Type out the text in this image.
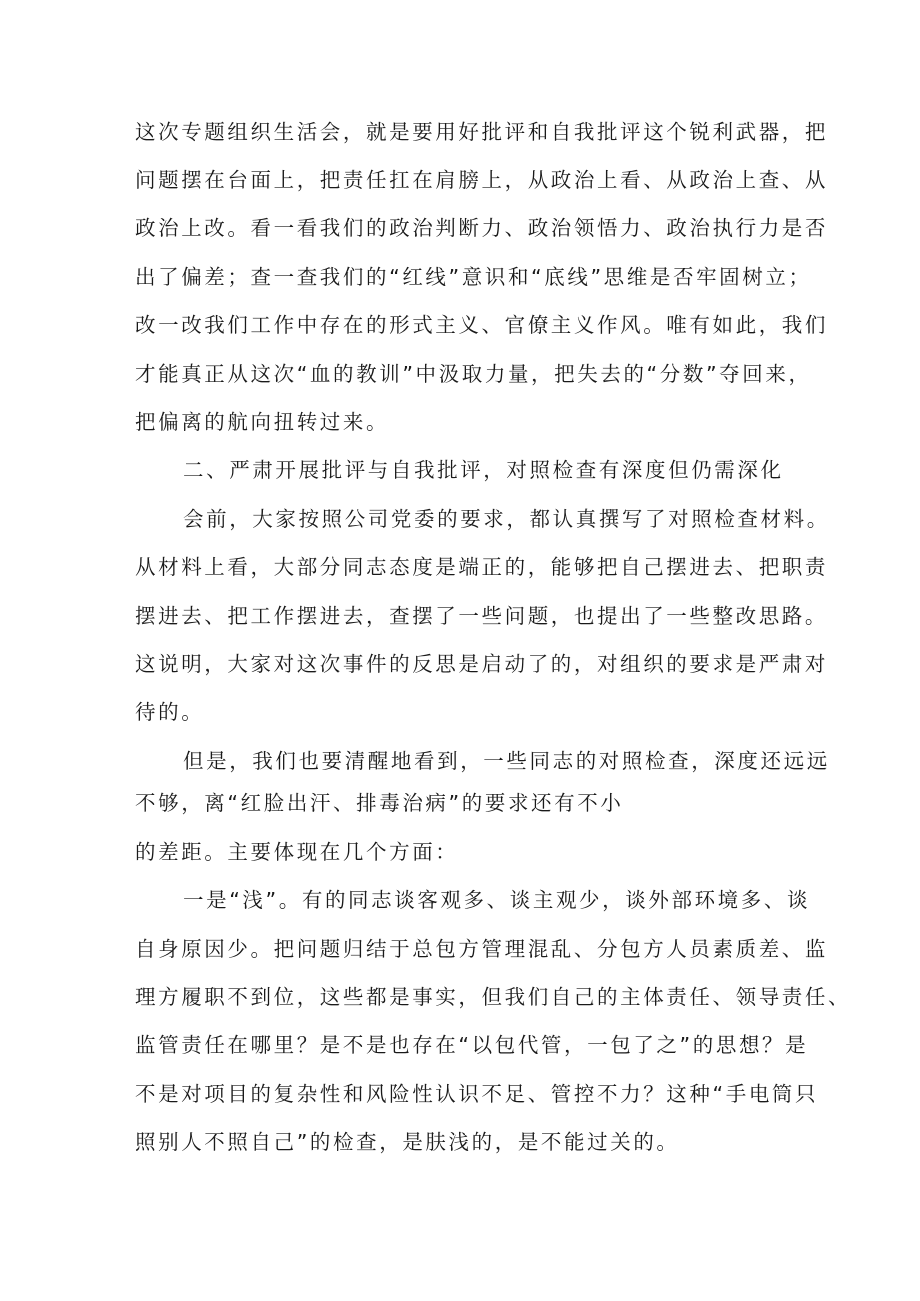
这次专题组织生活会，就是要用好批评和自我批评这个锐利武器，把
问题摆在台面上，把责任扛在肩膀上，从政治上看、从政治上查、从
政治上改。看一看我们的政治判断力、政治领悟力、政治执行力是否
出了偏差；查一查我们的“红线”意识和“底线”思维是否牢固树立；
改一改我们工作中存在的形式主义、官僚主义作风。唯有如此，我们
才能真正从这次“血的教训”中汲取力量，把失去的“分数”夺回来，
把偏离的航向扭转过来。
二、严肃开展批评与自我批评，对照检查有深度但仍需深化
会前，大家按照公司党委的要求，都认真撰写了对照检查材料。
从材料上看，大部分同志态度是端正的，能够把自己摆进去、把职责
摆进去、把工作摆进去，查摆了一些问题，也提出了一些整改思路。
这说明，大家对这次事件的反思是启动了的，对组织的要求是严肃对
待的。
但是，我们也要清醒地看到，一些同志的对照检查，深度还远远
不够，离“红脸出汗、排毒治病”的要求还有不小
的差距。主要体现在几个方面：
一是“浅”。有的同志谈客观多、谈主观少，谈外部环境多、谈
自身原因少。把问题归结于总包方管理混乱、分包方人员素质差、监
理方履职不到位，这些都是事实，但我们自己的主体责任、领导责任、
监管责任在哪里？是不是也存在“以包代管，一包了之”的思想？是
不是对项目的复杂性和风险性认识不足、管控不力？这种“手电筒只
照别人不照自己”的检查，是肤浅的，是不能过关的。
